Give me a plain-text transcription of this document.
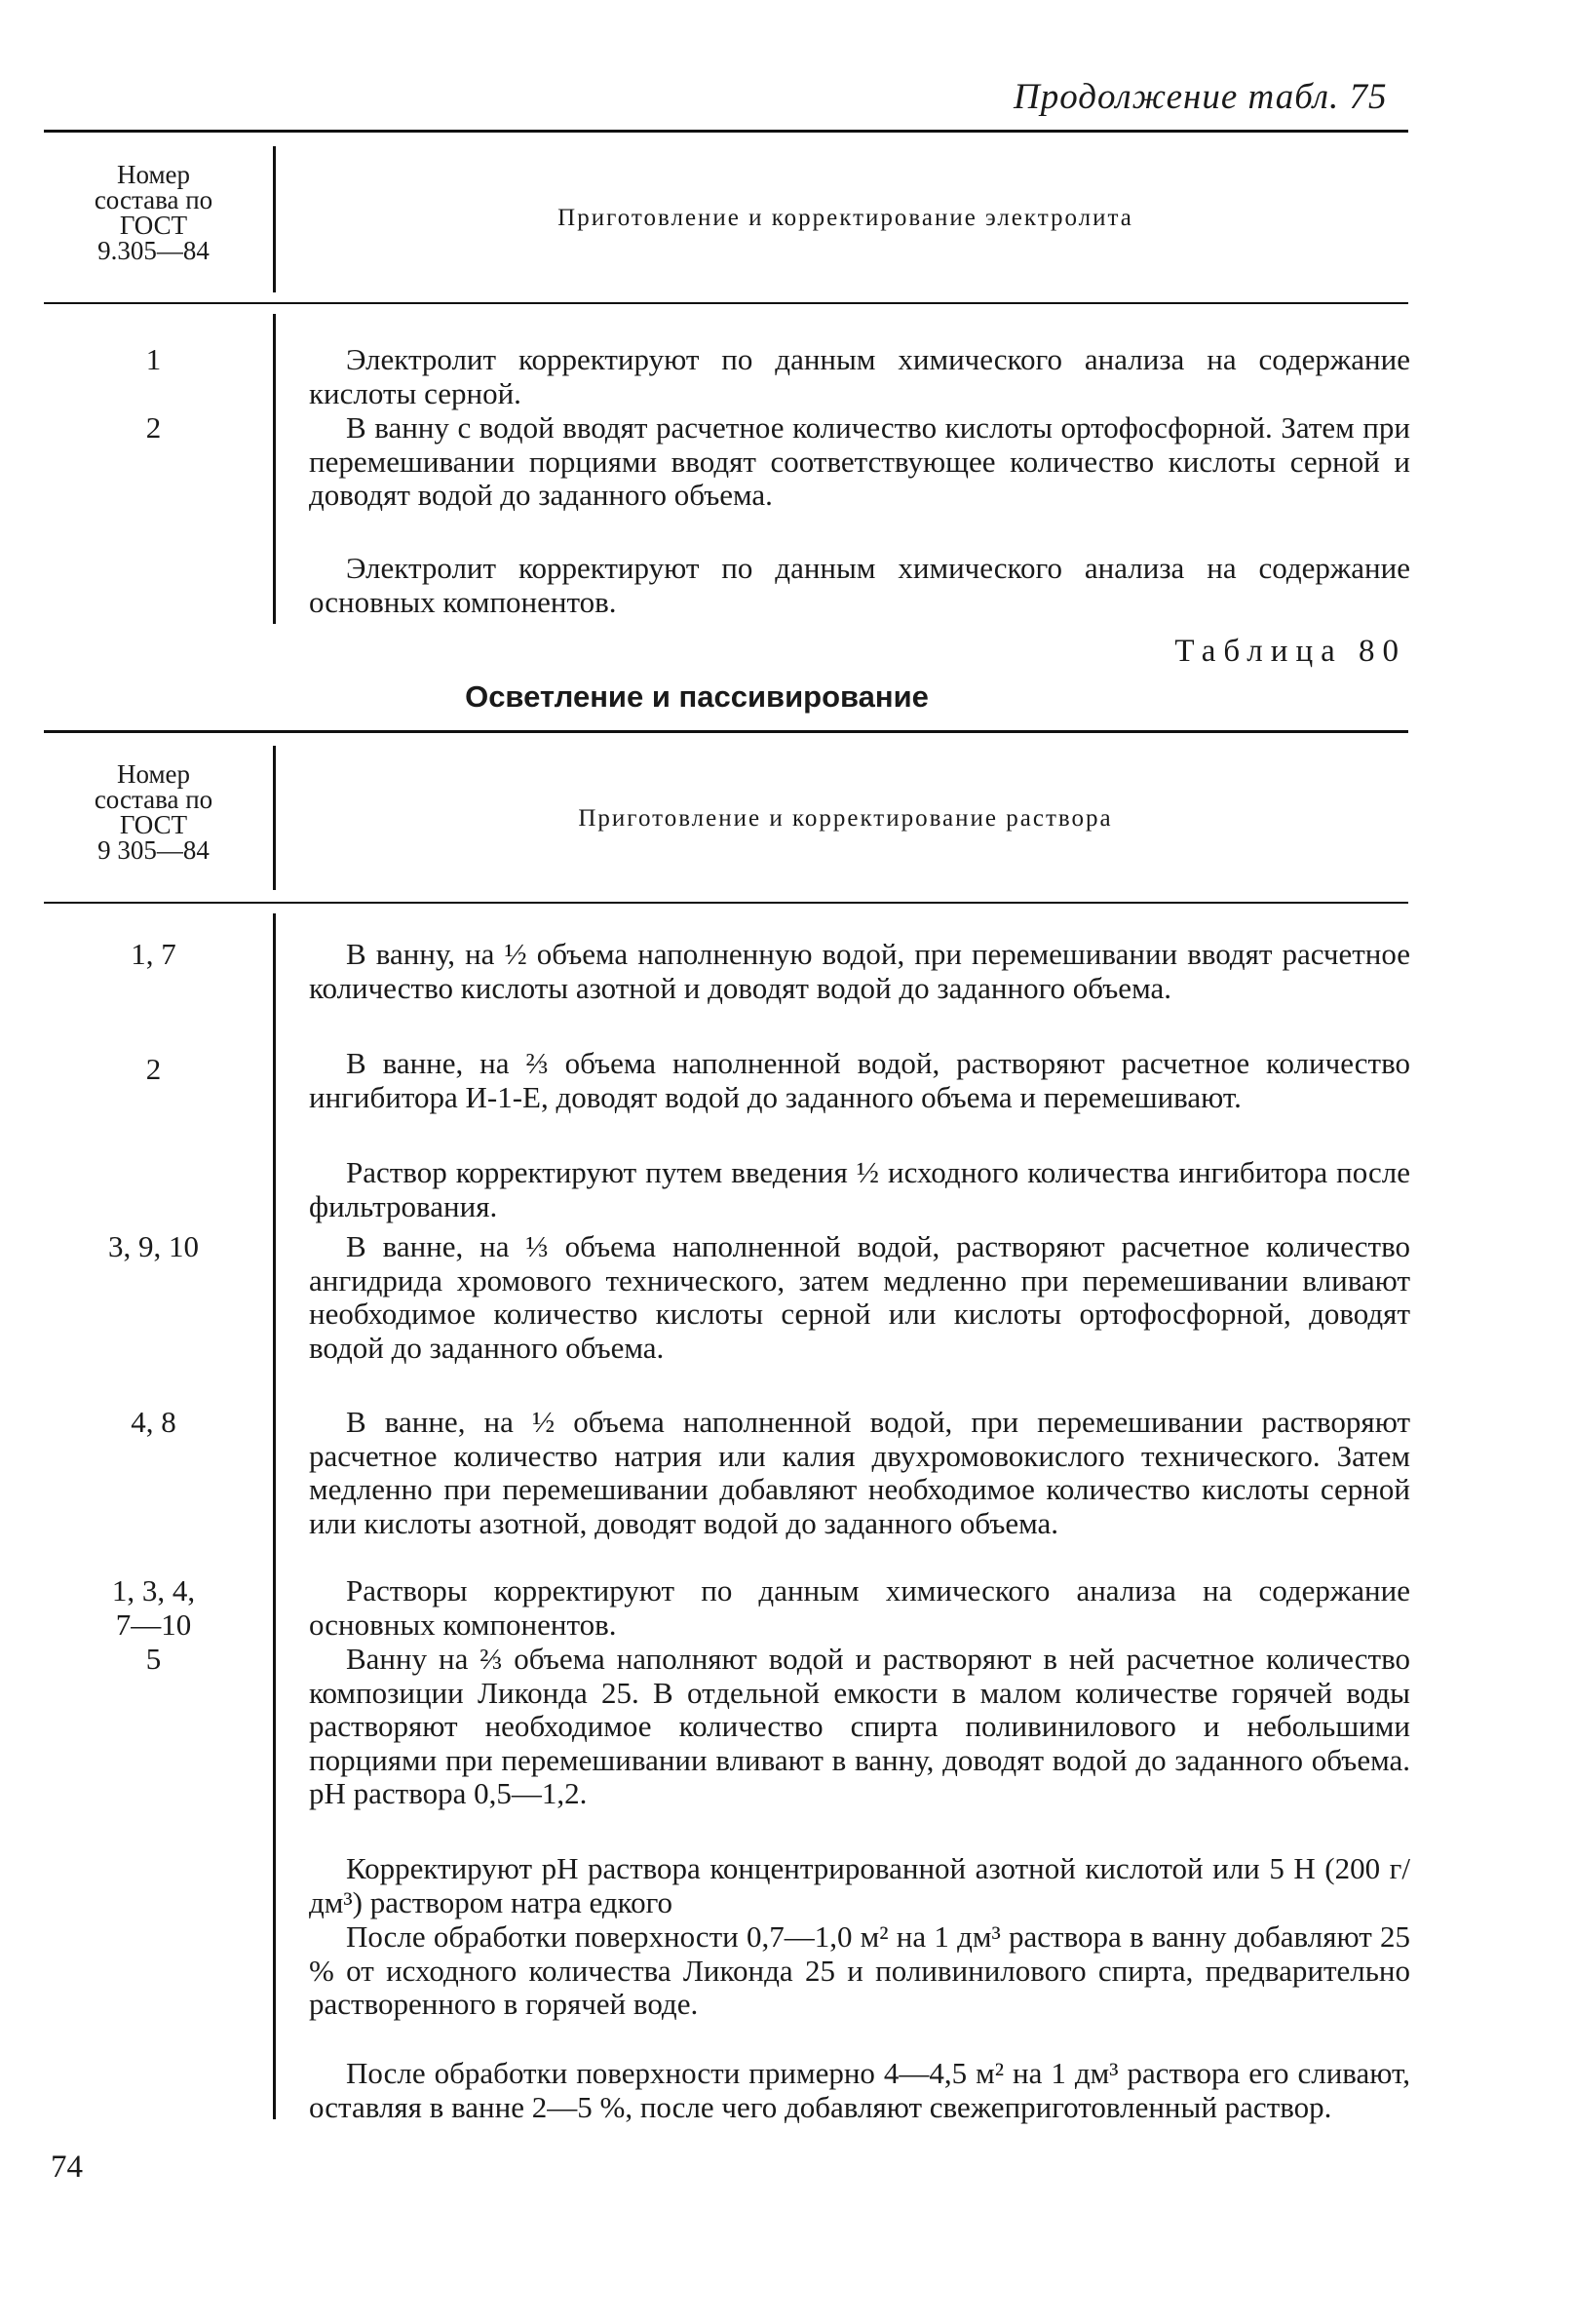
Продолжение табл. 75
Номер
состава по
ГОСТ
9.305—84
Приготовление и корректирование электролита
1
2

Электролит корректируют по данным химического анализа на содержание кислоты серной.

В ванну с водой вводят расчетное количество кислоты ортофосфорной. Затем при перемешивании порциями вводят соответствующее количество кислоты серной и доводят водой до заданного объема.

Электролит корректируют по данным химического анализа на содержание основных компонентов.

Таблица 80
Осветление и пассивирование
Номер
состава по
ГОСТ
9 305—84
Приготовление и корректирование раствора
1, 7
2
3, 9, 10
4, 8
1, 3, 4,
7—10
5

В ванну, на ½ объема наполненную водой, при перемешивании вводят расчетное количество кислоты азотной и доводят водой до заданного объема.

В ванне, на ⅔ объема наполненной водой, растворяют расчетное количество ингибитора И-1-Е, доводят водой до заданного объема и перемешивают.

Раствор корректируют путем введения ½ исходного количества ингибитора после фильтрования.

В ванне, на ⅓ объема наполненной водой, растворяют расчетное количество ангидрида хромового технического, затем медленно при перемешивании вливают необходимое количество кислоты серной или кислоты ортофосфорной, доводят водой до заданного объема.

В ванне, на ½ объема наполненной водой, при перемешивании растворяют расчетное количество натрия или калия двухромовокислого технического. Затем медленно при перемешивании добавляют необходимое количество кислоты серной или кислоты азотной, доводят водой до заданного объема.

Растворы корректируют по данным химического анализа на содержание основных компонентов.

Ванну на ⅔ объема наполняют водой и растворяют в ней расчетное количество композиции Ликонда 25. В отдельной емкости в малом количестве горячей воды растворяют необходимое количество спирта поливинилового и небольшими порциями при перемешивании вливают в ванну, доводят водой до заданного объема. рН раствора 0,5—1,2.

Корректируют рН раствора концентрированной азотной кислотой или 5 Н (200 г/дм³) раствором натра едкого

После обработки поверхности 0,7—1,0 м² на 1 дм³ раствора в ванну добавляют 25 % от исходного количества Ликонда 25 и поливинилового спирта, предварительно растворенного в горячей воде.

После обработки поверхности примерно 4—4,5 м² на 1 дм³ раствора его сливают, оставляя в ванне 2—5 %, после чего добавляют свежеприготовленный раствор.

74
